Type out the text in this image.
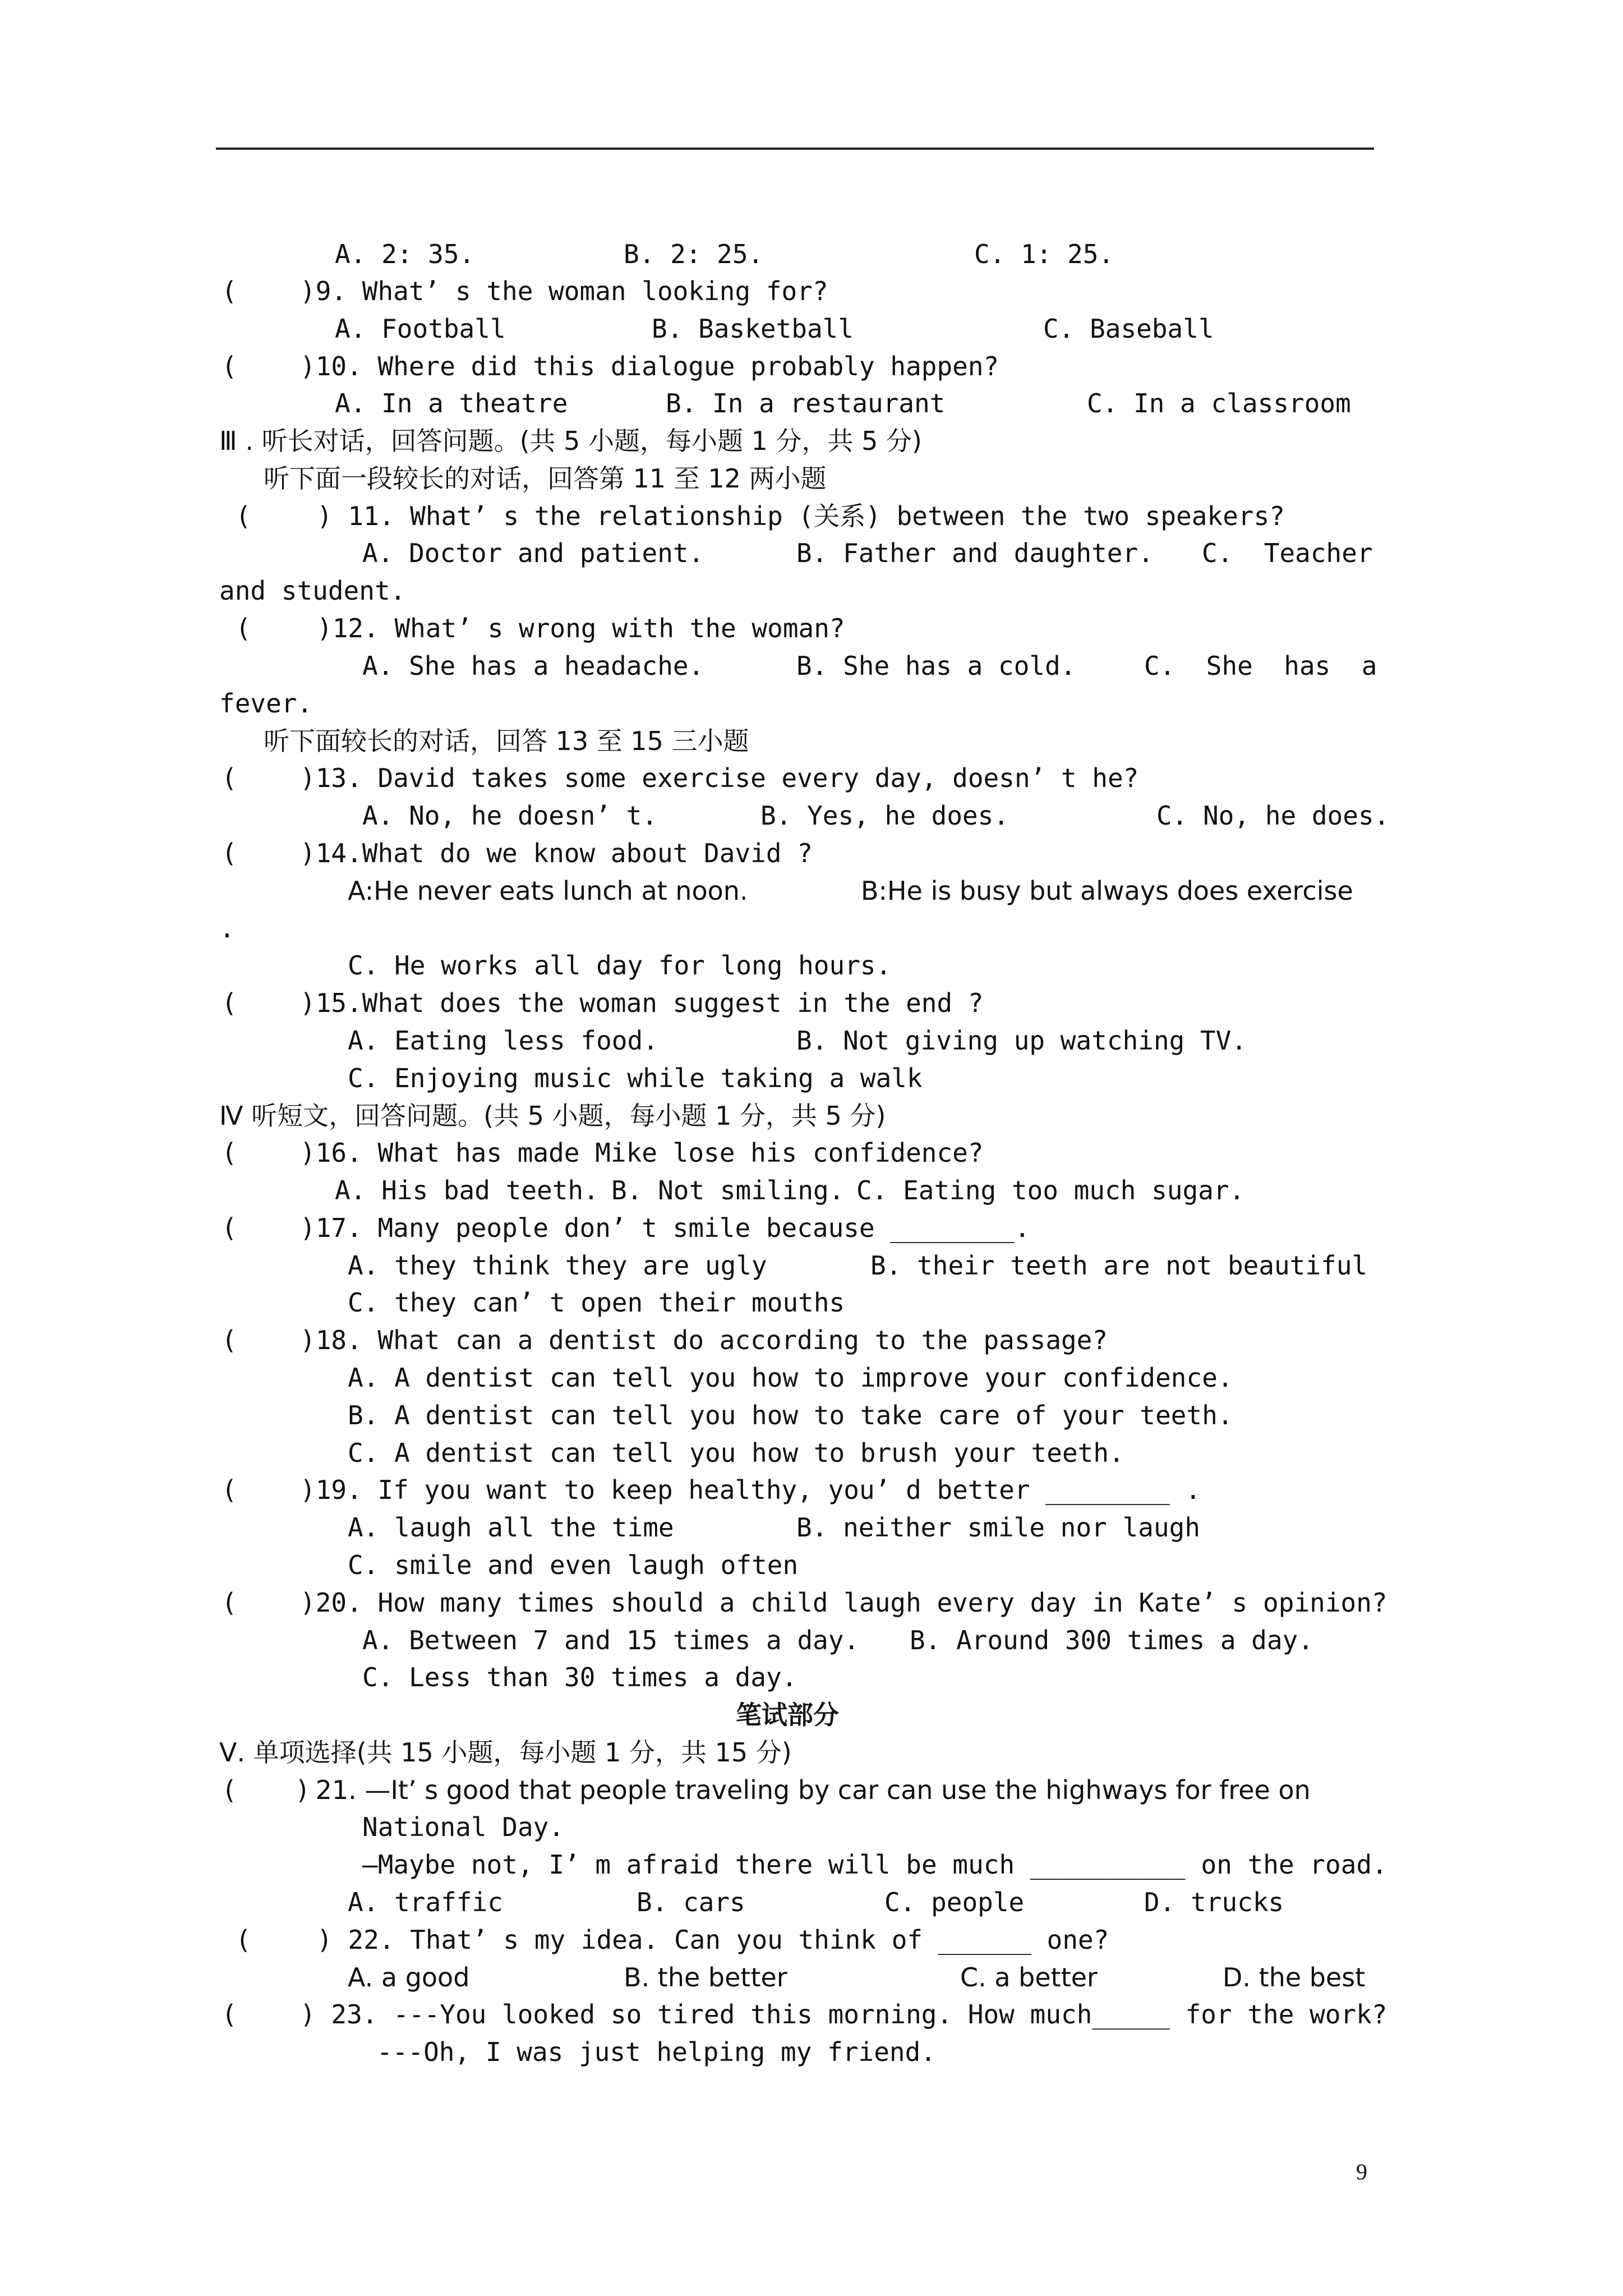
A. 2: 35.	B. 2: 25.	C. 1: 25.
( )9. What’ s the woman looking for?
A. Football	B. Basketball	C. Baseball
( )10. Where did this dialogue probably happen?
A. In a theatre	B. In a restaurant	C. In a classroom
Ⅲ . 听长对话，回答问题。(共 5 小题，每小题 1 分，共 5 分)
听下面一段较长的对话，回答第 11 至 12 两小题
(	) 11. What’ s the relationship (关系) between the two speakers?
A. Doctor and patient.	B. Father and daughter. C.  Teacher
and student.
(	)12. What’ s wrong with the woman?
A. She has a headache.	B. She has a cold.	C.  She  has  a
fever.
听下面较长的对话，回答 13 至 15 三小题
( )13. David takes some exercise every day, doesn’ t he?
A. No, he doesn’ t.	B. Yes, he does.	C. No, he does.
( )14.What do we know about David ?
A:He never eats lunch at noon.	B:He is busy but always does exercise
.
C. He works all day for long hours.
( )15.What does the woman suggest in the end ?
A. Eating less food.	B. Not giving up watching TV.
C. Enjoying music while taking a walk
Ⅳ 听短文，回答问题。(共 5 小题，每小题 1 分，共 5 分)
( )16. What has made Mike lose his confidence?
A. His bad teeth. B. Not smiling. C. Eating too much sugar.
( )17. Many people don’ t smile because ________.
A. they think they are ugly	B. their teeth are not beautiful
C. they can’ t open their mouths
( )18. What can a dentist do according to the passage?
A. A dentist can tell you how to improve your confidence.
B. A dentist can tell you how to take care of your teeth.
C. A dentist can tell you how to brush your teeth.
( )19. If you want to keep healthy, you’ d better ________ .
A. laugh all the time	B. neither smile nor laugh
C. smile and even laugh often
( )20. How many times should a child laugh every day in Kate’ s opinion?
A. Between 7 and 15 times a day. B. Around 300 times a day.
C. Less than 30 times a day.
笔试部分
Ⅴ. 单项选择(共 15 小题，每小题 1 分，共 15 分)
( ) 21. —It’ s good that people traveling by car can use the highways for free on
National Day.
—Maybe not, I’ m afraid there will be much __________ on the road.
A. traffic	B. cars	C. people	D. trucks
(	) 22. That’ s my idea. Can you think of ______ one?
A. a good	B. the better	C. a better	D. the best
( ) 23. ---You looked so tired this morning. How much_____ for the work?
---Oh, I was just helping my friend.
9
